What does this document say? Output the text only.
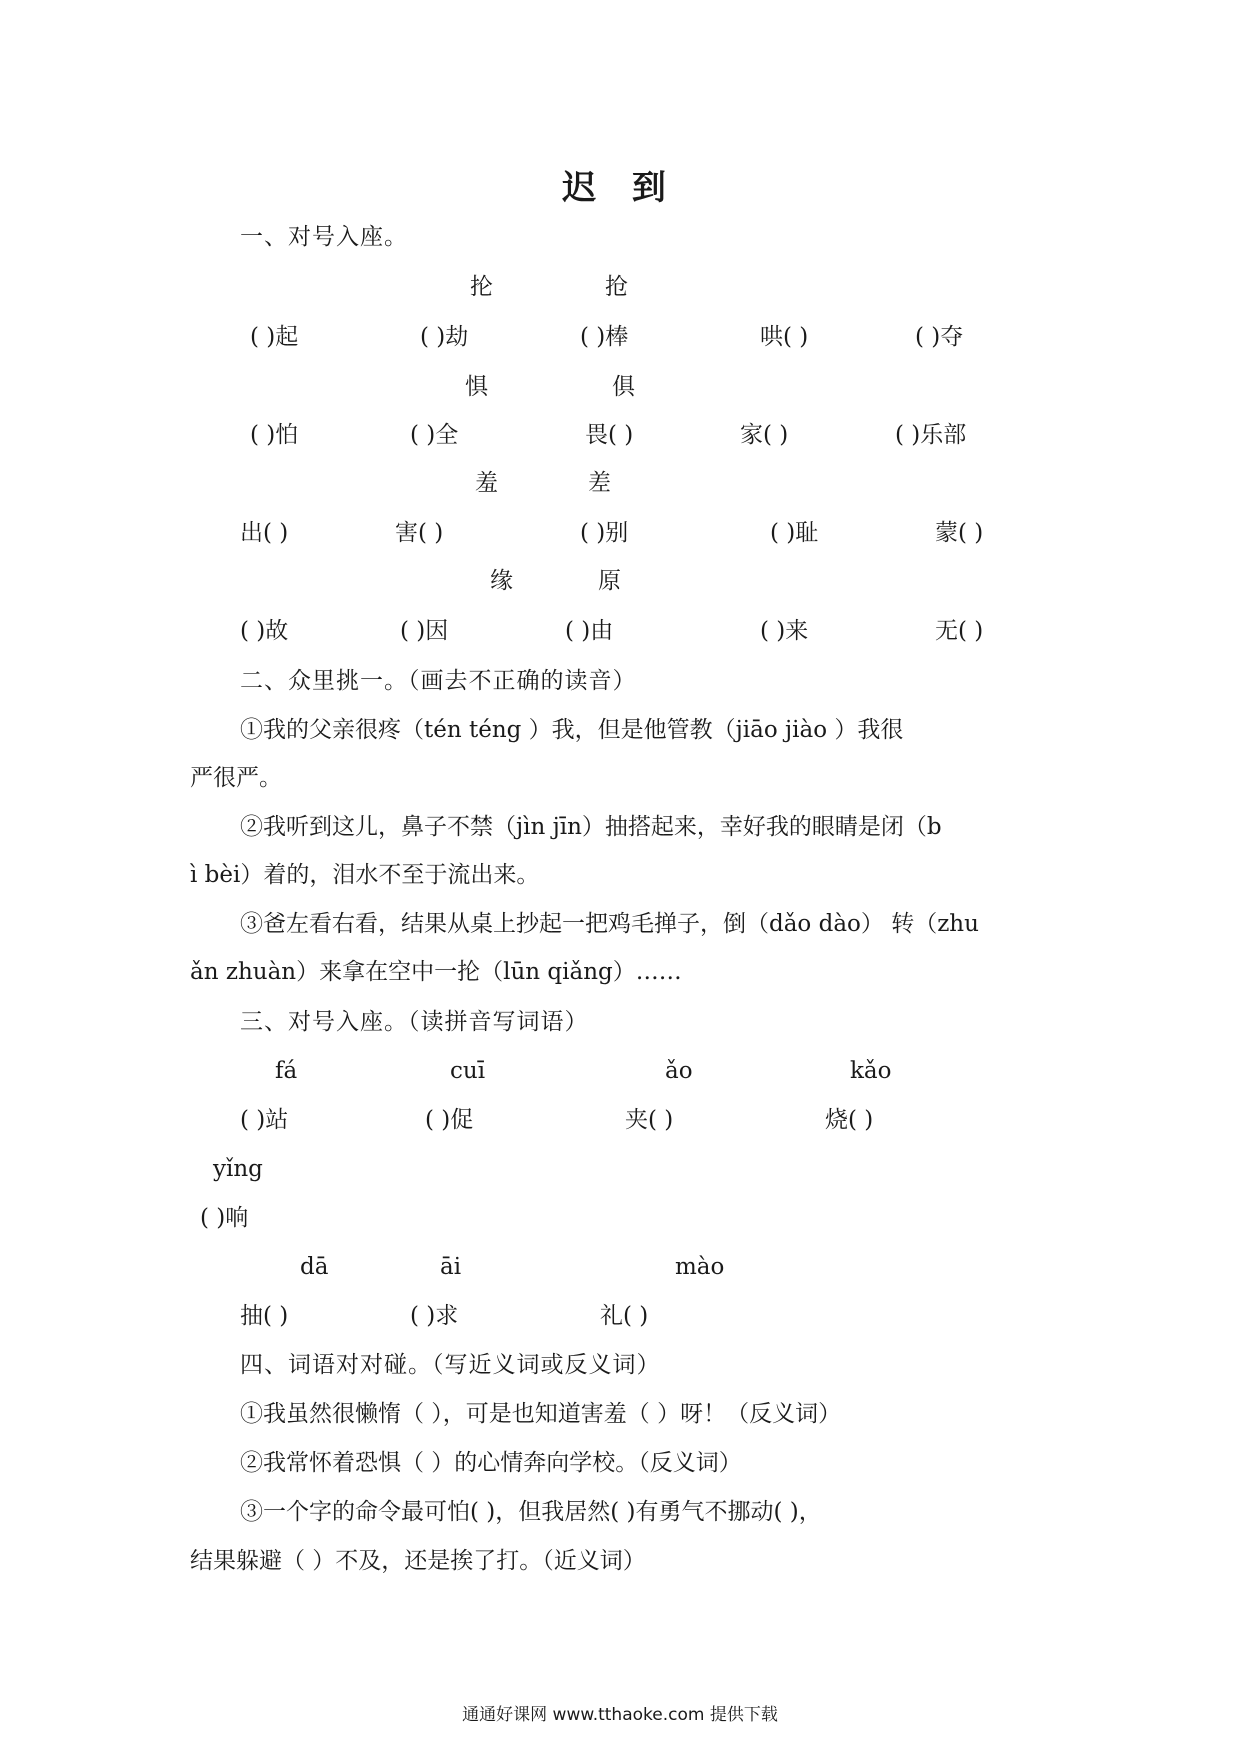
迟 到
一、对号入座。
抡	抢
( )起	( )劫	( )棒	哄( )	( )夺
惧	俱
( )怕	( )全	畏( )	家( )	( )乐部
羞	差
出( )	害( )	( )别	( )耻	蒙( )
缘	原
( )故	( )因	( )由	( )来	无( )
二、众里挑一。（画去不正确的读音）
①我的父亲很疼（tén téng ）我，但是他管教（jiāo jiào ）我很
严很严。
②我听到这儿，鼻子不禁（jìn jīn）抽搭起来，幸好我的眼睛是闭（b
ì bèi）着的，泪水不至于流出来。
③爸左看右看，结果从桌上抄起一把鸡毛掸子，倒（dǎo dào） 转（zhu
ǎn zhuàn）来拿在空中一抡（lūn qiǎng）……
三、对号入座。（读拼音写词语）
fá	cuī	ǎo	kǎo
( )站	( )促	夹( )	烧( )
yǐng
( )响
dā	āi	mào
抽( )	( )求	礼( )
四、词语对对碰。（写近义词或反义词）
①我虽然很懒惰（ ），可是也知道害羞（ ）呀！（反义词）
②我常怀着恐惧（ ）的心情奔向学校。（反义词）
③一个字的命令最可怕( )，但我居然( )有勇气不挪动( )，
结果躲避（ ）不及，还是挨了打。（近义词）
通通好课网 www.tthaoke.com 提供下载
